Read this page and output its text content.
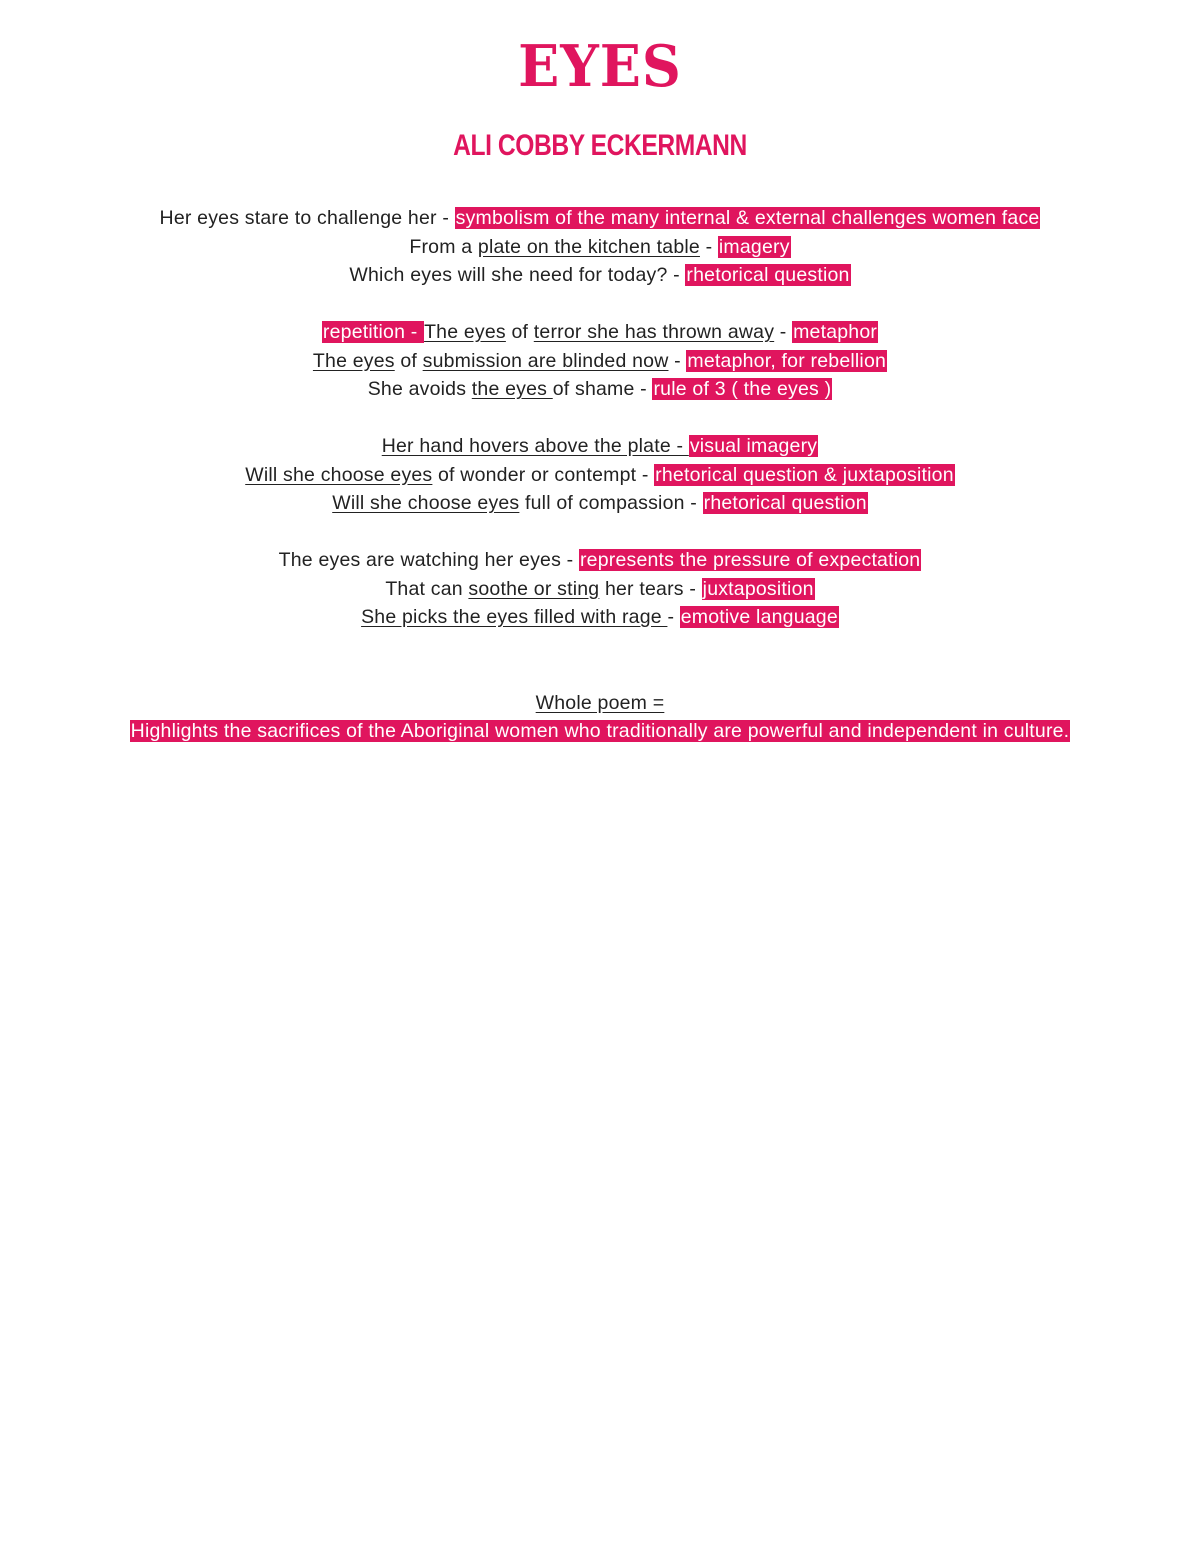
EYES
ALI COBBY ECKERMANN
Her eyes stare to challenge her - symbolism of the many internal & external challenges women face
From a plate on the kitchen table - imagery
Which eyes will she need for today? - rhetorical question
repetition - The eyes of terror she has thrown away - metaphor
The eyes of submission are blinded now - metaphor, for rebellion
She avoids the eyes of shame - rule of 3 ( the eyes )
Her hand hovers above the plate - visual imagery
Will she choose eyes of wonder or contempt - rhetorical question & juxtaposition
Will she choose eyes full of compassion - rhetorical question
The eyes are watching her eyes - represents the pressure of expectation
That can soothe or sting her tears - juxtaposition
She picks the eyes filled with rage - emotive language
Whole poem =
Highlights the sacrifices of the Aboriginal women who traditionally are powerful and independent in culture.
